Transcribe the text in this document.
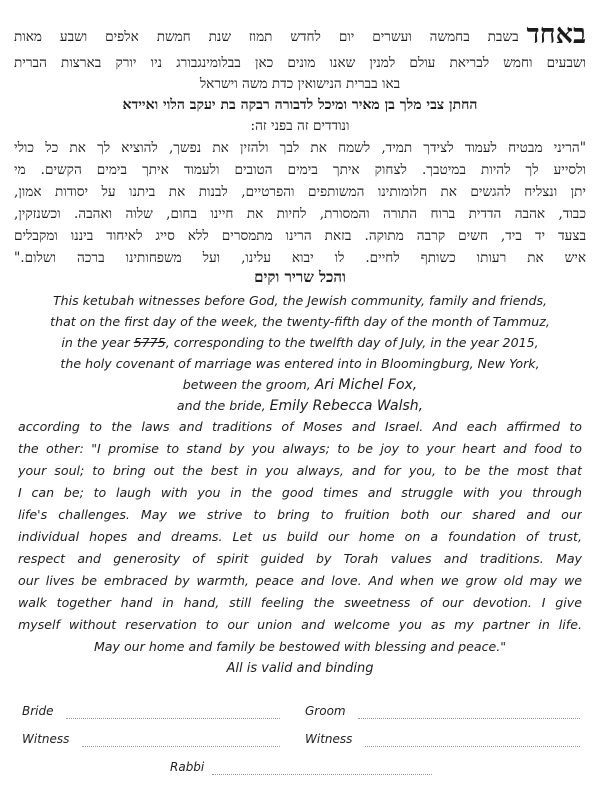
באחדבשבת בחמשה ועשרים יום לחדש תמוז שנת חמשת אלפים ושבע מאות
ושבעים וחמש לבריאת עולם למנין שאנו מונים כאן בבלומינגבורג ניו יורק בארצות הברית
באו בברית הנישואין כדת משה וישראל
החתן צבי מלך בן מאיר ומיכל לדבורה רבקה בת יעקב הלוי ואיידא
ונודדים זה בפני זה:
"הריני מבטיח לעמוד לצידך תמיד, לשמח את לבך ולהזין את נפשך, להוציא לך את כל כולי
ולסייע לך להיות במיטבך. לצחוק איתך בימים הטובים ולעמוד איתך בימים הקשים. מי
יתן ונצליח להגשים את חלומותינו המשותפים והפרטיים, לבנות את ביתנו על יסודות אמון,
כבוד, אהבה הדדית ברוח התורה והמסורת, לחיות את חיינו בחום, שלוה ואהבה. וכשנזקין,
בצעד יד ביד, חשים קרבה מתוקה. בזאת הרינו מתמסרים ללא סייג לאיחוד ביננו ומקבלים
איש את רעותו כשותף לחיים. לו יבוא עלינו, ועל משפחותינו ברכה ושלום."
והכל שריר וקים
This ketubah witnesses before God, the Jewish community, family and friends,
that on the first day of the week, the twenty-fifth day of the month of Tammuz,
in the year 5775, corresponding to the twelfth day of July, in the year 2015,
the holy covenant of marriage was entered into in Bloomingburg, New York,
between the groom, Ari Michel Fox,
and the bride, Emily Rebecca Walsh,
according to the laws and traditions of Moses and Israel. And each affirmed to
the other: "I promise to stand by you always; to be joy to your heart and food to
your soul; to bring out the best in you always, and for you, to be the most that
I can be; to laugh with you in the good times and struggle with you through
life's challenges. May we strive to bring to fruition both our shared and our
individual hopes and dreams. Let us build our home on a foundation of trust,
respect and generosity of spirit guided by Torah values and traditions. May
our lives be embraced by warmth, peace and love. And when we grow old may we
walk together hand in hand, still feeling the sweetness of our devotion. I give
myself without reservation to our union and welcome you as my partner in life.
May our home and family be bestowed with blessing and peace."
All is valid and binding
Bride	Groom
Witness	Witness
Rabbi
